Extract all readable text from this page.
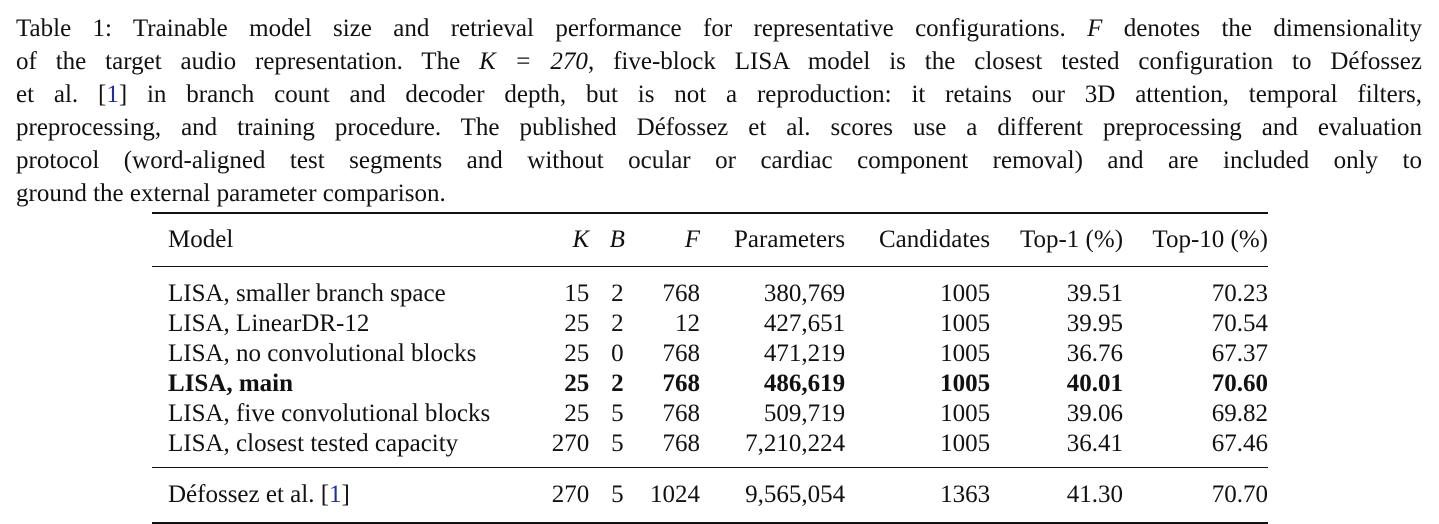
Table 1: Trainable model size and retrieval performance for representative configurations. F denotes the dimensionality
of the target audio representation. The K = 270, five-block LISA model is the closest tested configuration to Défossez
et al. [1] in branch count and decoder depth, but is not a reproduction: it retains our 3D attention, temporal filters,
preprocessing, and training procedure. The published Défossez et al. scores use a different preprocessing and evaluation
protocol (word-aligned test segments and without ocular or cardiac component removal) and are included only to
ground the external parameter comparison.
Model	K	B	F	Parameters	Candidates	Top-1 (%)	Top-10 (%)
LISA, smaller branch space	15	2	768	380,769	1005	39.51	70.23
LISA, LinearDR-12	25	2	12	427,651	1005	39.95	70.54
LISA, no convolutional blocks	25	0	768	471,219	1005	36.76	67.37
LISA, main	25	2	768	486,619	1005	40.01	70.60
LISA, five convolutional blocks	25	5	768	509,719	1005	39.06	69.82
LISA, closest tested capacity	270	5	768	7,210,224	1005	36.41	67.46
Défossez et al. [1]	270	5	1024	9,565,054	1363	41.30	70.70
